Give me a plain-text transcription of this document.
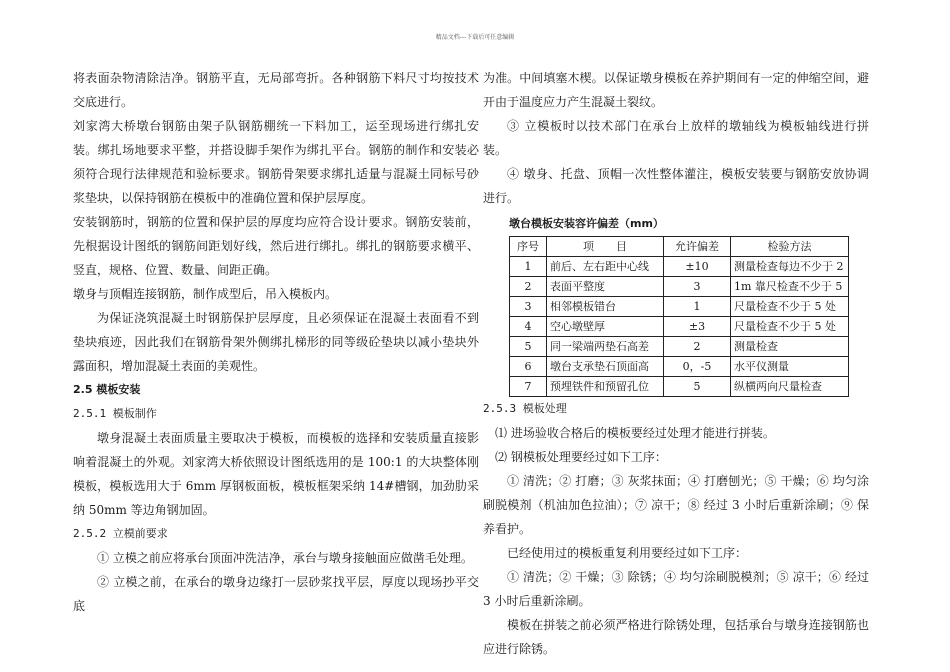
精品文档---下载后可任意编辑

将表面杂物清除洁净。钢筋平直，无局部弯折。各种钢筋下料尺寸均按技术交底进行。

刘家湾大桥墩台钢筋由架子队钢筋棚统一下料加工，运至现场进行绑扎安装。绑扎场地要求平整，并搭设脚手架作为绑扎平台。钢筋的制作和安装必须符合现行法律规范和验标要求。钢筋骨架要求绑扎适量与混凝土同标号砂浆垫块，以保持钢筋在模板中的准确位置和保护层厚度。

安装钢筋时，钢筋的位置和保护层的厚度均应符合设计要求。钢筋安装前，先根据设计图纸的钢筋间距划好线，然后进行绑扎。绑扎的钢筋要求横平、竖直，规格、位置、数量、间距正确。

墩身与顶帽连接钢筋，制作成型后，吊入模板内。

为保证浇筑混凝土时钢筋保护层厚度，且必须保证在混凝土表面看不到垫块痕迹，因此我们在钢筋骨架外侧绑扎梯形的同等级砼垫块以减小垫块外露面积，增加混凝土表面的美观性。

2.5 模板安装

2.5.1 模板制作

墩身混凝土表面质量主要取决于模板，而模板的选择和安装质量直接影响着混凝土的外观。刘家湾大桥依照设计图纸选用的是 100:1 的大块整体刚模板，模板选用大于 6mm 厚钢板面板，模板框架采纳 14#槽钢，加劲肋采纳 50mm 等边角钢加固。

2.5.2 立模前要求

① 立模之前应将承台顶面冲洗洁净，承台与墩身接触面应做凿毛处理。

② 立模之前，在承台的墩身边缘打一层砂浆找平层，厚度以现场抄平交底

为准。中间填塞木楔。以保证墩身模板在养护期间有一定的伸缩空间，避开由于温度应力产生混凝土裂纹。

③ 立模板时以技术部门在承台上放样的墩轴线为模板轴线进行拼装。

④ 墩身、托盘、顶帽一次性整体灌注，模板安装要与钢筋安放协调进行。

墩台模板安装容许偏差（mm）

序号	项　　目	允许偏差	检验方法
1	前后、左右距中心线	±10	测量检查每边不少于 2
2	表面平整度	3	1m 靠尺检查不少于 5
3	相邻模板错台	1	尺量检查不少于 5 处
4	空心墩壁厚	±3	尺量检查不少于 5 处
5	同一梁端两垫石高差	2	测量检查
6	墩台支承垫石顶面高	0，-5	水平仪测量
7	预埋铁件和预留孔位	5	纵横两向尺量检查

2.5.3 模板处理

⑴ 进场验收合格后的模板要经过处理才能进行拼装。

⑵ 钢模板处理要经过如下工序：

① 清洗；② 打磨；③ 灰浆抹面；④ 打磨刨光；⑤ 干燥；⑥ 均匀涂刷脱模剂（机油加色拉油）；⑦ 凉干；⑧ 经过 3 小时后重新涂刷；⑨ 保养看护。

已经使用过的模板重复利用要经过如下工序：

① 清洗；② 干燥；③ 除锈；④ 均匀涂刷脱模剂；⑤ 凉干；⑥ 经过 3 小时后重新涂刷。

模板在拼装之前必须严格进行除锈处理，包括承台与墩身连接钢筋也应进行除锈。
